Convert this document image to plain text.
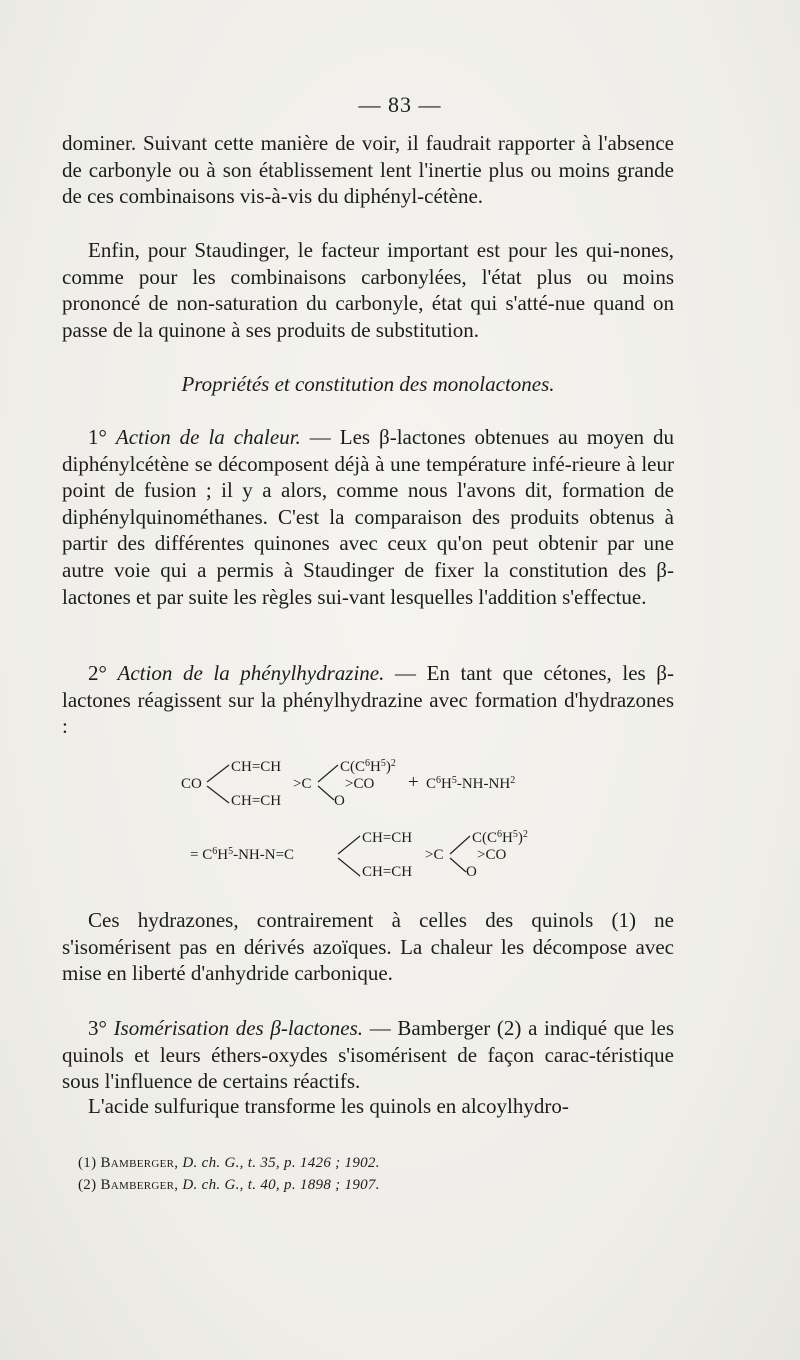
— 83 —

dominer. Suivant cette manière de voir, il faudrait rapporter à l'absence de carbonyle ou à son établissement lent l'inertie plus ou moins grande de ces combinaisons vis-à-vis du diphényl-cétène.

Enfin, pour Staudinger, le facteur important est pour les qui-nones, comme pour les combinaisons carbonylées, l'état plus ou moins prononcé de non-saturation du carbonyle, état qui s'atté-nue quand on passe de la quinone à ses produits de substitution.

Propriétés et constitution des monolactones.

1° Action de la chaleur. — Les β-lactones obtenues au moyen du diphénylcétène se décomposent déjà à une température infé-rieure à leur point de fusion ; il y a alors, comme nous l'avons dit, formation de diphénylquinométhanes. C'est la comparaison des produits obtenus à partir des différentes quinones avec ceux qu'on peut obtenir par une autre voie qui a permis à Staudinger de fixer la constitution des β-lactones et par suite les règles sui-vant lesquelles l'addition s'effectue.

2° Action de la phénylhydrazine. — En tant que cétones, les β-lactones réagissent sur la phénylhydrazine avec formation d'hydrazones :

CO
CH=CH
CH=CH
>C
$C(C^6H^5)^2$
>CO
O
+ $C^6H^5-NH-NH^2$
= $C^6H^5-NH-N=C$
CH=CH
CH=CH
>C
$C(C^6H^5)^2$
>CO
O

Ces hydrazones, contrairement à celles des quinols (1) ne s'isomérisent pas en dérivés azoïques. La chaleur les décompose avec mise en liberté d'anhydride carbonique.

3° Isomérisation des β-lactones. — Bamberger (2) a indiqué que les quinols et leurs éthers-oxydes s'isomérisent de façon carac-téristique sous l'influence de certains réactifs.

L'acide sulfurique transforme les quinols en alcoylhydro-

(1) Bamberger, D. ch. G., t. 35, p. 1426 ; 1902.
(2) Bamberger, D. ch. G., t. 40, p. 1898 ; 1907.
